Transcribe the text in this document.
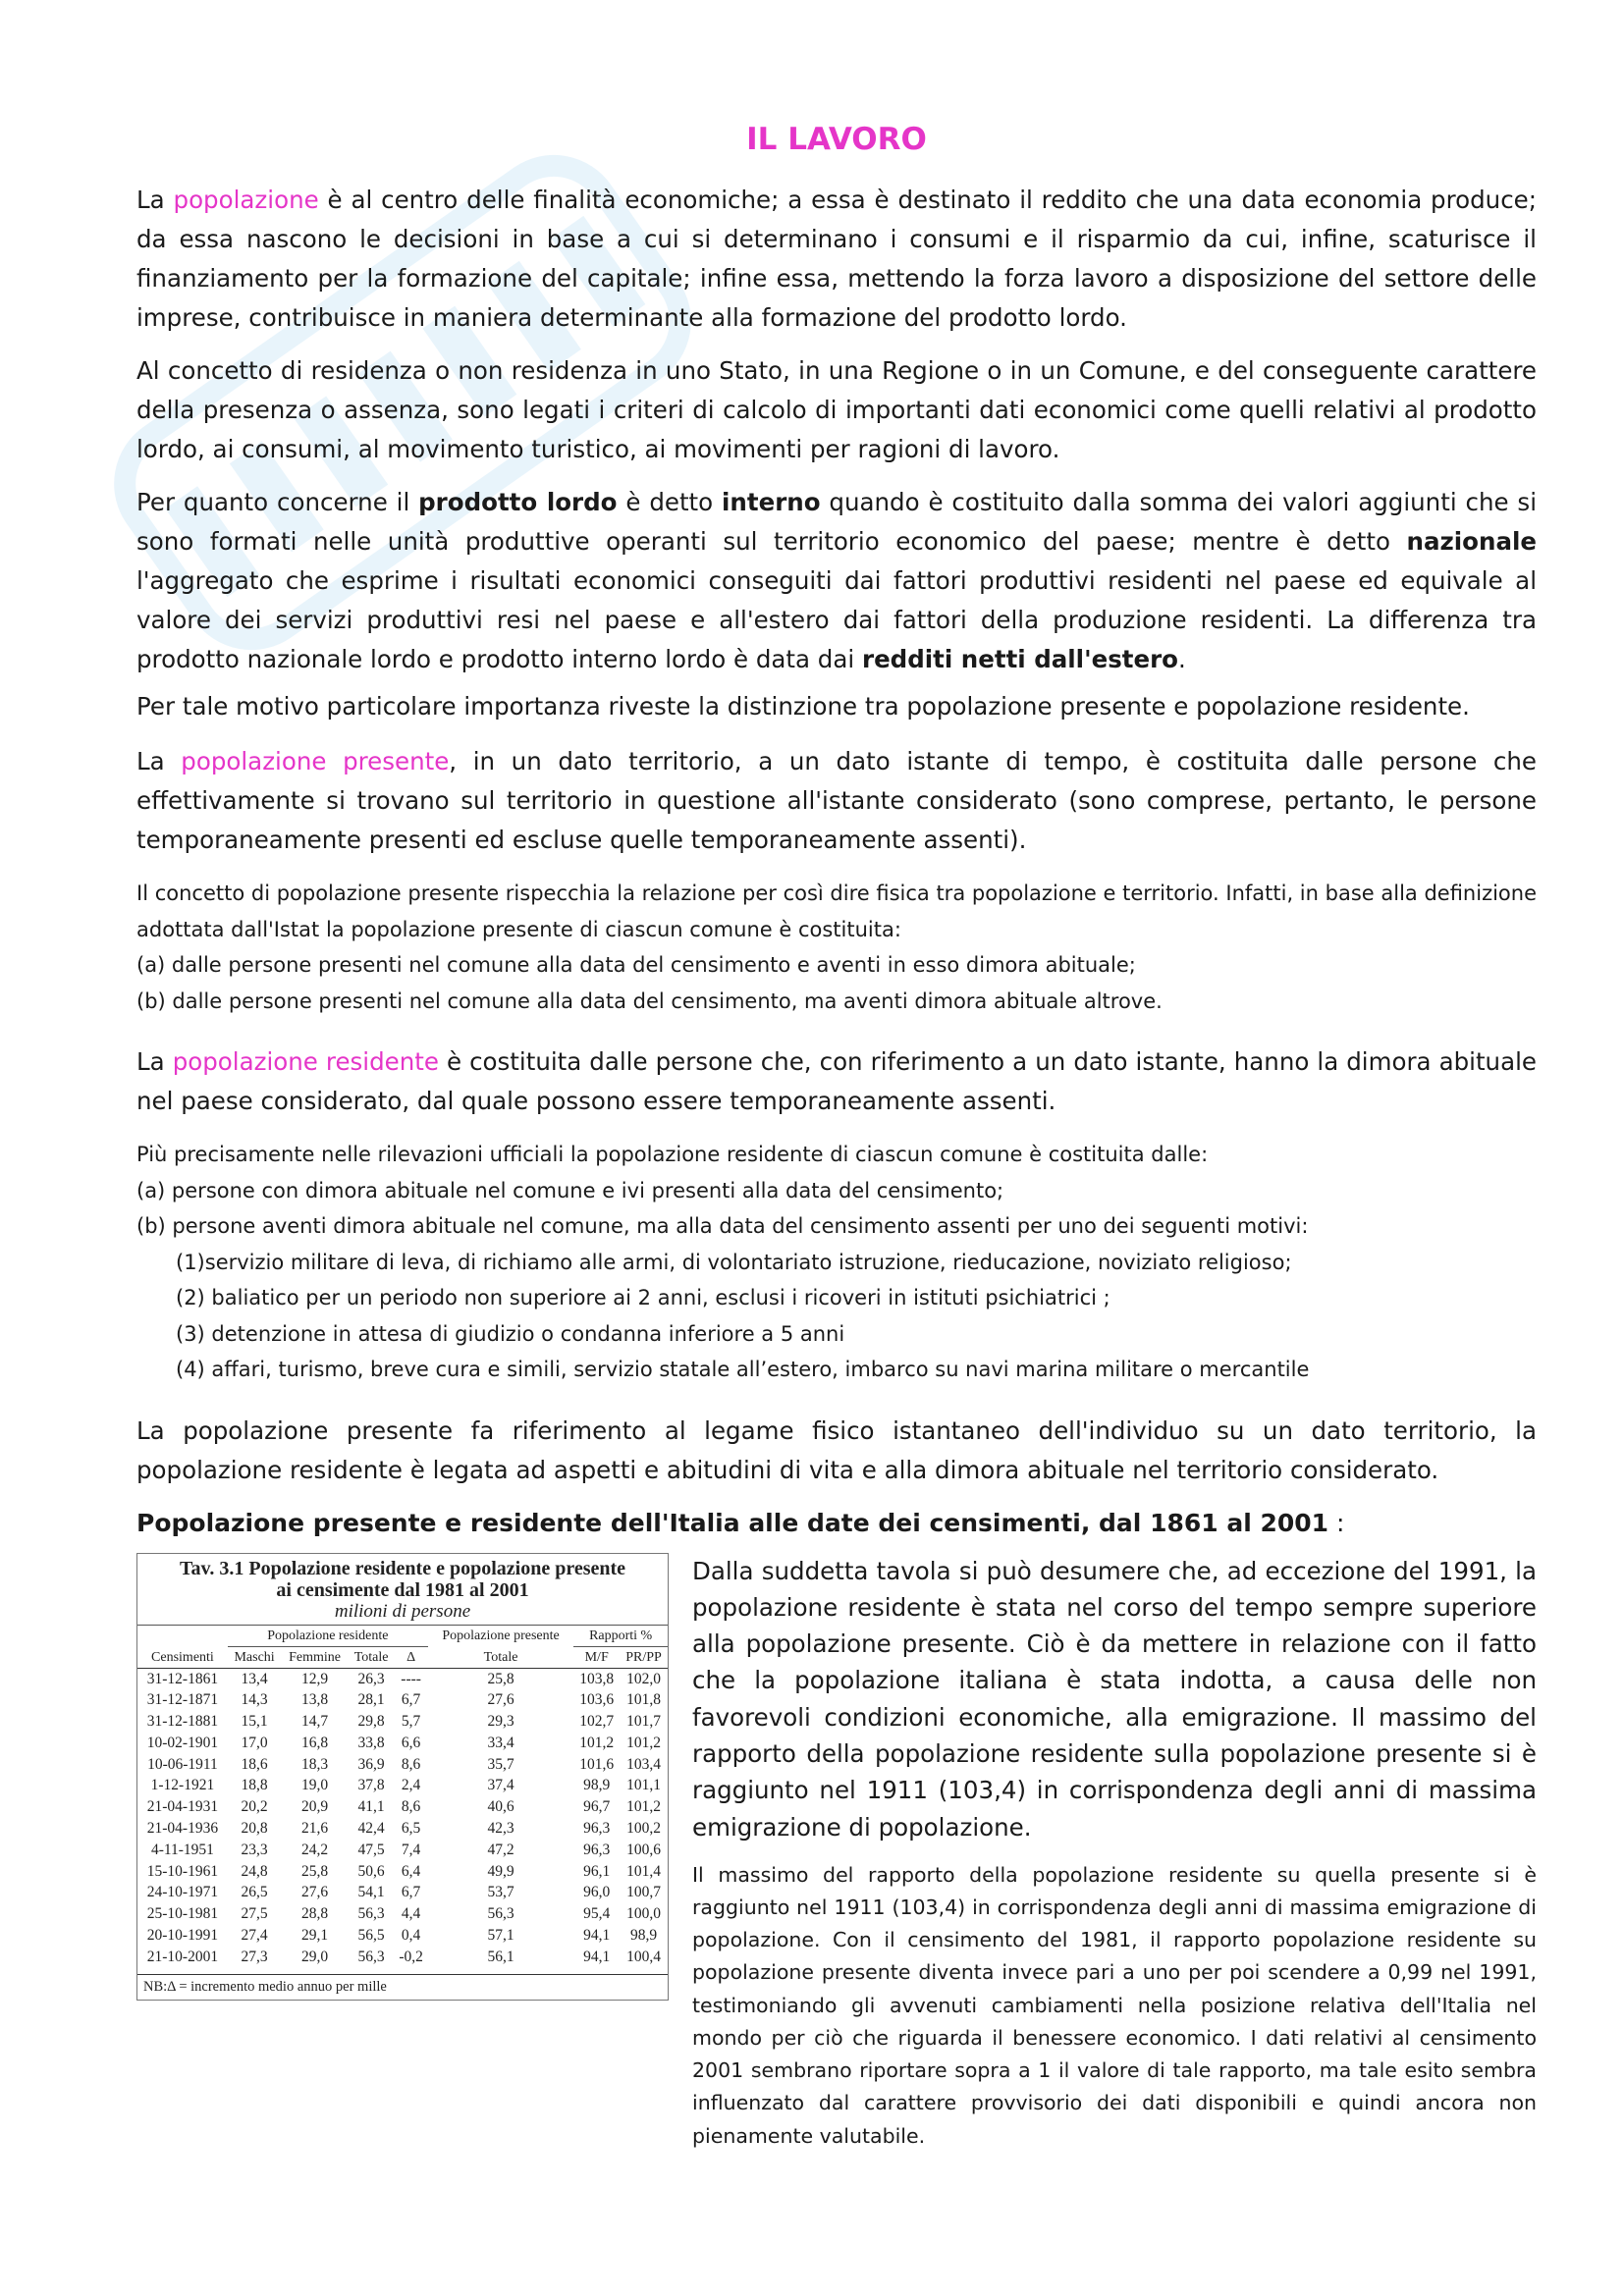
IL LAVORO

La popolazione è al centro delle finalità economiche; a essa è destinato il reddito che una data economia produce; da essa nascono le decisioni in base a cui si determinano i consumi e il risparmio da cui, infine, scaturisce il finanziamento per la formazione del capitale; infine essa, mettendo la forza lavoro a disposizione del settore delle imprese, contribuisce in maniera determinante alla formazione del prodotto lordo.

Al concetto di residenza o non residenza in uno Stato, in una Regione o in un Comune, e del conseguente carattere della presenza o assenza, sono legati i criteri di calcolo di importanti dati economici come quelli relativi al prodotto lordo, ai consumi, al movimento turistico, ai movimenti per ragioni di lavoro.

Per quanto concerne il prodotto lordo è detto interno quando è costituito dalla somma dei valori aggiunti che si sono formati nelle unità produttive operanti sul territorio economico del paese; mentre è detto nazionale l'aggregato che esprime i risultati economici conseguiti dai fattori produttivi residenti nel paese ed equivale al valore dei servizi produttivi resi nel paese e all'estero dai fattori della produzione residenti. La differenza tra prodotto nazionale lordo e prodotto interno lordo è data dai redditi netti dall'estero.

Per tale motivo particolare importanza riveste la distinzione tra popolazione presente e popolazione residente.

La popolazione presente, in un dato territorio, a un dato istante di tempo, è costituita dalle persone che effettivamente si trovano sul territorio in questione all'istante considerato (sono comprese, pertanto, le persone temporaneamente presenti ed escluse quelle temporaneamente assenti).

Il concetto di popolazione presente rispecchia la relazione per così dire fisica tra popolazione e territorio. Infatti, in base alla definizione adottata dall'Istat la popolazione presente di ciascun comune è costituita:

(a) dalle persone presenti nel comune alla data del censimento e aventi in esso dimora abituale;

(b) dalle persone presenti nel comune alla data del censimento, ma aventi dimora abituale altrove.

La popolazione residente è costituita dalle persone che, con riferimento a un dato istante, hanno la dimora abituale nel paese considerato, dal quale possono essere temporaneamente assenti.

Più precisamente nelle rilevazioni ufficiali la popolazione residente di ciascun comune è costituita dalle:

(a) persone con dimora abituale nel comune e ivi presenti alla data del censimento;

(b) persone aventi dimora abituale nel comune, ma alla data del censimento assenti per uno dei seguenti motivi:

(1)servizio militare di leva, di richiamo alle armi, di volontariato istruzione, rieducazione, noviziato religioso;

(2) baliatico per un periodo non superiore ai 2 anni, esclusi i ricoveri in istituti psichiatrici ;

(3) detenzione in attesa di giudizio o condanna inferiore a 5 anni

(4) affari, turismo, breve cura e simili, servizio statale all’estero, imbarco su navi marina militare o mercantile

La popolazione presente fa riferimento al legame fisico istantaneo dell'individuo su un dato territorio, la popolazione residente è legata ad aspetti e abitudini di vita e alla dimora abituale nel territorio considerato.

Popolazione presente e residente dell'Italia alle date dei censimenti, dal 1861 al 2001 :
Tav. 3.1 Popolazione residente e popolazione presente
ai censimente dal 1981 al 2001
milioni di persone
	Popolazione residente				Popolazione presente	Rapporti %	
Censimenti	Maschi	Femmine	Totale	Δ	Totale	M/F	PR/PP
31-12-1861	13,4	12,9	26,3	----	25,8	103,8	102,0
31-12-1871	14,3	13,8	28,1	6,7	27,6	103,6	101,8
31-12-1881	15,1	14,7	29,8	5,7	29,3	102,7	101,7
10-02-1901	17,0	16,8	33,8	6,6	33,4	101,2	101,2
10-06-1911	18,6	18,3	36,9	8,6	35,7	101,6	103,4
1-12-1921	18,8	19,0	37,8	2,4	37,4	98,9	101,1
21-04-1931	20,2	20,9	41,1	8,6	40,6	96,7	101,2
21-04-1936	20,8	21,6	42,4	6,5	42,3	96,3	100,2
4-11-1951	23,3	24,2	47,5	7,4	47,2	96,3	100,6
15-10-1961	24,8	25,8	50,6	6,4	49,9	96,1	101,4
24-10-1971	26,5	27,6	54,1	6,7	53,7	96,0	100,7
25-10-1981	27,5	28,8	56,3	4,4	56,3	95,4	100,0
20-10-1991	27,4	29,1	56,5	0,4	57,1	94,1	98,9
21-10-2001	27,3	29,0	56,3	-0,2	56,1	94,1	100,4
NB:Δ = incremento medio annuo per mille

Dalla suddetta tavola si può desumere che, ad eccezione del 1991, la popolazione residente è stata nel corso del tempo sempre superiore alla popolazione presente. Ciò è da mettere in relazione con il fatto che la popolazione italiana è stata indotta, a causa delle non favorevoli condizioni economiche, alla emigrazione. Il massimo del rapporto della popolazione residente sulla popolazione presente si è raggiunto nel 1911 (103,4) in corrispondenza degli anni di massima emigrazione di popolazione.

Il massimo del rapporto della popolazione residente su quella presente si è raggiunto nel 1911 (103,4) in corrispondenza degli anni di massima emigrazione di popolazione. Con il censimento del 1981, il rapporto popolazione residente su popolazione presente diventa invece pari a uno per poi scendere a 0,99 nel 1991, testimoniando gli avvenuti cambiamenti nella posizione relativa dell'Italia nel mondo per ciò che riguarda il benessere economico. I dati relativi al censimento 2001 sembrano riportare sopra a 1 il valore di tale rapporto, ma tale esito sembra influenzato dal carattere provvisorio dei dati disponibili e quindi ancora non pienamente valutabile.
